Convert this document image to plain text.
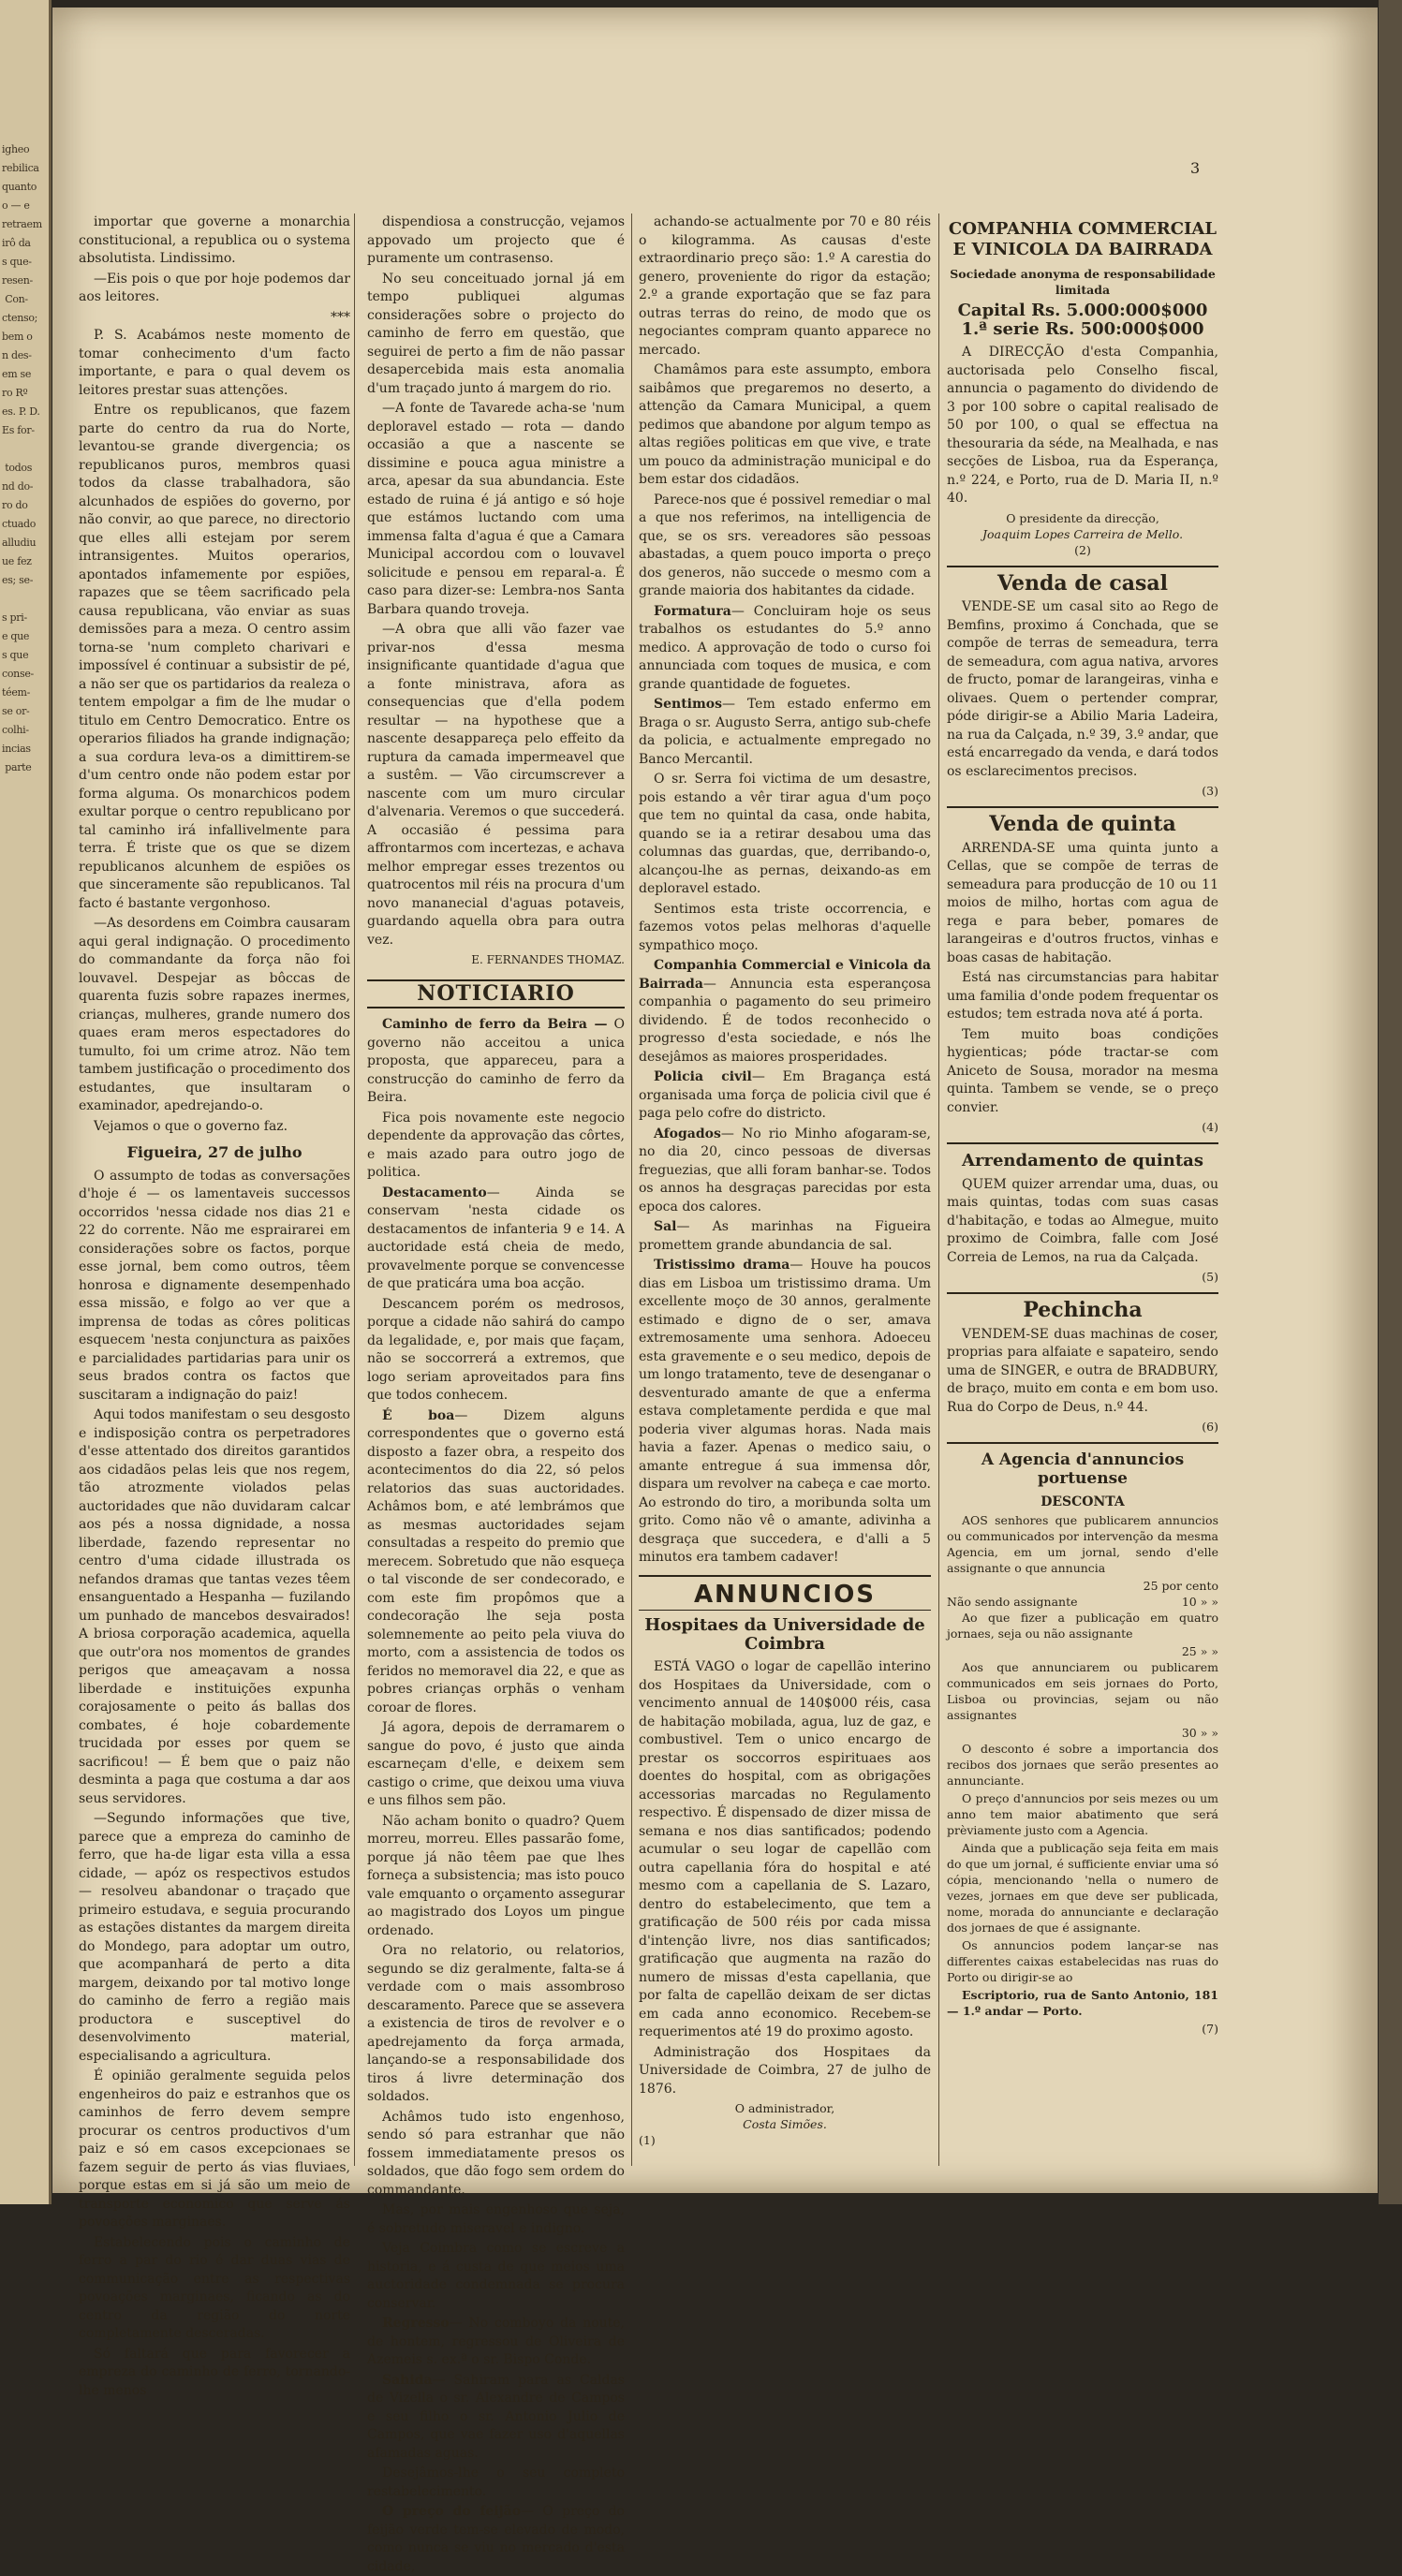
igheo
rebilica
quanto
o — e
retraem
irô da
s que-
resen-
Con-
ctenso;
bem o
n des-
em se
ro Rº
es. P. D.
Es for-

todos
nd do-
ro do
ctuado
alludiu
ue fez
es; se-

s pri-
e que
s que
conse-
téem-
se or-
colhi-
incias
parte
3

importar que governe a monarchia constitucional, a republica ou o systema absolutista. Lindissimo.

—Eis pois o que por hoje podemos dar aos leitores.

***

P. S. Acabámos neste momento de tomar conhecimento d'um facto importante, e para o qual devem os leitores prestar suas attenções.

Entre os republicanos, que fazem parte do centro da rua do Norte, levantou-se grande divergencia; os republicanos puros, membros quasi todos da classe trabalhadora, são alcunhados de espiões do governo, por não convir, ao que parece, no directorio que elles alli estejam por serem intransigentes. Muitos operarios, apontados infamemente por espiões, rapazes que se têem sacrificado pela causa republicana, vão enviar as suas demissões para a meza. O centro assim torna-se 'num completo charivari e impossível é continuar a subsistir de pé, a não ser que os partidarios da realeza o tentem empolgar a fim de lhe mudar o titulo em Centro Democratico. Entre os operarios filiados ha grande indignação; a sua cordura leva-os a dimittirem-se d'um centro onde não podem estar por forma alguma. Os monarchicos podem exultar porque o centro republicano por tal caminho irá infallivelmente para terra. É triste que os que se dizem republicanos alcunhem de espiões os que sinceramente são republicanos. Tal facto é bastante vergonhoso.

—As desordens em Coimbra causaram aqui geral indignação. O procedimento do commandante da força não foi louvavel. Despejar as bôccas de quarenta fuzis sobre rapazes inermes, crianças, mulheres, grande numero dos quaes eram meros espectadores do tumulto, foi um crime atroz. Não tem tambem justificação o procedimento dos estudantes, que insultaram o examinador, apedrejando-o.

Vejamos o que o governo faz.

Figueira, 27 de julho

O assumpto de todas as conversações d'hoje é — os lamentaveis successos occorridos 'nessa cidade nos dias 21 e 22 do corrente. Não me esprairarei em considerações sobre os factos, porque esse jornal, bem como outros, têem honrosa e dignamente desempenhado essa missão, e folgo ao ver que a imprensa de todas as côres politicas esquecem 'nesta conjunctura as paixões e parcialidades partidarias para unir os seus brados contra os factos que suscitaram a indignação do paiz!

Aqui todos manifestam o seu desgosto e indisposição contra os perpetradores d'esse attentado dos direitos garantidos aos cidadãos pelas leis que nos regem, tão atrozmente violados pelas auctoridades que não duvidaram calcar aos pés a nossa dignidade, a nossa liberdade, fazendo representar no centro d'uma cidade illustrada os nefandos dramas que tantas vezes têem ensanguentado a Hespanha — fuzilando um punhado de mancebos desvairados! A briosa corporação academica, aquella que outr'ora nos momentos de grandes perigos que ameaçavam a nossa liberdade e instituições expunha corajosamente o peito ás ballas dos combates, é hoje cobardemente trucidada por esses por quem se sacrificou! — É bem que o paiz não desminta a paga que costuma a dar aos seus servidores.

—Segundo informações que tive, parece que a empreza do caminho de ferro, que ha-de ligar esta villa a essa cidade, — apóz os respectivos estudos — resolveu abandonar o traçado que primeiro estudava, e seguia procurando as estações distantes da margem direita do Mondego, para adoptar um outro, que acompanhará de perto a dita margem, deixando por tal motivo longe do caminho de ferro a região mais productora e susceptivel do desenvolvimento material, especialisando a agricultura.

É opinião geralmente seguida pelos engenheiros do paiz e estranhos que os caminhos de ferro devem sempre procurar os centros productivos d'um paiz e só em casos excepcionaes se fazem seguir de perto ás vias fluviaes, porque estas em si já são um meio de transporte economico que serve ás povoações marginaes.

Estabelecendo pois o caminho de ferro a par do rio é dar duas vias de communicação entre as respectivas povoações marginaes, ficando as do centro da região do norte completamente desceradas.

Só faltará que para favorecer a empreza do caminho de ferro, tornando-lhe menos

dispendiosa a construcção, vejamos appovado um projecto que é puramente um contrasenso.

No seu conceituado jornal já em tempo publiquei algumas considerações sobre o projecto do caminho de ferro em questão, que seguirei de perto a fim de não passar desapercebida mais esta anomalia d'um traçado junto á margem do rio.

—A fonte de Tavarede acha-se 'num deploravel estado — rota — dando occasião a que a nascente se dissimine e pouca agua ministre a arca, apesar da sua abundancia. Este estado de ruina é já antigo e só hoje que estámos luctando com uma immensa falta d'agua é que a Camara Municipal accordou com o louvavel solicitude e pensou em reparal-a. É caso para dizer-se: Lembra-nos Santa Barbara quando troveja.

—A obra que alli vão fazer vae privar-nos d'essa mesma insignificante quantidade d'agua que a fonte ministrava, afora as consequencias que d'ella podem resultar — na hypothese que a nascente desappareça pelo effeito da ruptura da camada impermeavel que a sustêm. — Vão circumscrever a nascente com um muro circular d'alvenaria. Veremos o que succederá. A occasião é pessima para affrontarmos com incertezas, e achava melhor empregar esses trezentos ou quatrocentos mil réis na procura d'um novo mananecial d'aguas potaveis, guardando aquella obra para outra vez.

E. FERNANDES THOMAZ.
NOTICIARIO

Caminho de ferro da Beira — O governo não acceitou a unica proposta, que appareceu, para a construcção do caminho de ferro da Beira.

Fica pois novamente este negocio dependente da approvação das côrtes, e mais azado para outro jogo de politica.

Destacamento— Ainda se conservam 'nesta cidade os destacamentos de infanteria 9 e 14. A auctoridade está cheia de medo, provavelmente porque se convencesse de que praticára uma boa acção.

Descancem porém os medrosos, porque a cidade não sahirá do campo da legalidade, e, por mais que façam, não se soccorrerá a extremos, que logo seriam aproveitados para fins que todos conhecem.

É boa— Dizem alguns correspondentes que o governo está disposto a fazer obra, a respeito dos acontecimentos do dia 22, só pelos relatorios das suas auctoridades. Achâmos bom, e até lembrámos que as mesmas auctoridades sejam consultadas a respeito do premio que merecem. Sobretudo que não esqueça o tal visconde de ser condecorado, e com este fim propômos que a condecoração lhe seja posta solemnemente ao peito pela viuva do morto, com a assistencia de todos os feridos no memoravel dia 22, e que as pobres crianças orphãs o venham coroar de flores.

Já agora, depois de derramarem o sangue do povo, é justo que ainda escarneçam d'elle, e deixem sem castigo o crime, que deixou uma viuva e uns filhos sem pão.

Não acham bonito o quadro? Quem morreu, morreu. Elles passarão fome, porque já não têem pae que lhes forneça a subsistencia; mas isto pouco vale emquanto o orçamento assegurar ao magistrado dos Loyos um pingue ordenado.

Ora no relatorio, ou relatorios, segundo se diz geralmente, falta-se á verdade com o mais assombroso descaramento. Parece que se assevera a existencia de tiros de revolver e o apedrejamento da força armada, lançando-se a responsabilidade dos tiros á livre determinação dos soldados.

Achâmos tudo isto engenhoso, sendo só para estranhar que não fossem immediatamente presos os soldados, que dão fogo sem ordem do commandante.

Mas, por mais engenhoso que seja, é sobretudo miseravel e indigno.

Veja Coimbra como se escreve a historia, e á custa de que meios uma auctoridade condemnada se procura conservar.

Regresso— No comboyo da noute, de hontem, regressou de Oliveira de Azemeis s. ex.ª o sr. Bispo Conde.

Sahida— Sahiram para as Caldas de Vizella o sr. Alexandre de Campos e seu filho o sr. Antonio Julio de Campos, que vae fazer uso d'aquellas afamadas aguas.

Desejâmos-lhe o seu completo restabelecimento.

O preço do feijão— O preço do feijão verde tem-se elevado de modo, como nunca se viu no mercado d'esta cidade,

achando-se actualmente por 70 e 80 réis o kilogramma. As causas d'este extraordinario preço são: 1.º A carestia do genero, proveniente do rigor da estação; 2.º a grande exportação que se faz para outras terras do reino, de modo que os negociantes compram quanto apparece no mercado.

Chamâmos para este assumpto, embora saibâmos que pregaremos no deserto, a attenção da Camara Municipal, a quem pedimos que abandone por algum tempo as altas regiões politicas em que vive, e trate um pouco da administração municipal e do bem estar dos cidadãos.

Parece-nos que é possivel remediar o mal a que nos referimos, na intelligencia de que, se os srs. vereadores são pessoas abastadas, a quem pouco importa o preço dos generos, não succede o mesmo com a grande maioria dos habitantes da cidade.

Formatura— Concluiram hoje os seus trabalhos os estudantes do 5.º anno medico. A approvação de todo o curso foi annunciada com toques de musica, e com grande quantidade de foguetes.

Sentimos— Tem estado enfermo em Braga o sr. Augusto Serra, antigo sub-chefe da policia, e actualmente empregado no Banco Mercantil.

O sr. Serra foi victima de um desastre, pois estando a vêr tirar agua d'um poço que tem no quintal da casa, onde habita, quando se ia a retirar desabou uma das columnas das guardas, que, derribando-o, alcançou-lhe as pernas, deixando-as em deploravel estado.

Sentimos esta triste occorrencia, e fazemos votos pelas melhoras d'aquelle sympathico moço.

Companhia Commercial e Vinicola da Bairrada— Annuncia esta esperançosa companhia o pagamento do seu primeiro dividendo. É de todos reconhecido o progresso d'esta sociedade, e nós lhe desejâmos as maiores prosperidades.

Policia civil— Em Bragança está organisada uma força de policia civil que é paga pelo cofre do districto.

Afogados— No rio Minho afogaram-se, no dia 20, cinco pessoas de diversas freguezias, que alli foram banhar-se. Todos os annos ha desgraças parecidas por esta epoca dos calores.

Sal— As marinhas na Figueira promettem grande abundancia de sal.

Tristissimo drama— Houve ha poucos dias em Lisboa um tristissimo drama. Um excellente moço de 30 annos, geralmente estimado e digno de o ser, amava extremosamente uma senhora. Adoeceu esta gravemente e o seu medico, depois de um longo tratamento, teve de desenganar o desventurado amante de que a enferma estava completamente perdida e que mal poderia viver algumas horas. Nada mais havia a fazer. Apenas o medico saiu, o amante entregue á sua immensa dôr, dispara um revolver na cabeça e cae morto. Ao estrondo do tiro, a moribunda solta um grito. Como não vê o amante, adivinha a desgraça que succedera, e d'alli a 5 minutos era tambem cadaver!

ANNUNCIOS
Hospitaes da Universidade de Coimbra

ESTÁ VAGO o logar de capellão interino dos Hospitaes da Universidade, com o vencimento annual de 140$000 réis, casa de habitação mobilada, agua, luz de gaz, e combustivel. Tem o unico encargo de prestar os soccorros espirituaes aos doentes do hospital, com as obrigações accessorias marcadas no Regulamento respectivo. É dispensado de dizer missa de semana e nos dias santificados; podendo acumular o seu logar de capellão com outra capellania fóra do hospital e até mesmo com a capellania de S. Lazaro, dentro do estabelecimento, que tem a gratificação de 500 réis por cada missa d'intenção livre, nos dias santificados; gratificação que augmenta na razão do numero de missas d'esta capellania, que por falta de capellão deixam de ser dictas em cada anno economico. Recebem-se requerimentos até 19 do proximo agosto.

Administração dos Hospitaes da Universidade de Coimbra, 27 de julho de 1876.

O administrador,
Costa Simões.
(1)
COMPANHIA COMMERCIAL E VINICOLA DA BAIRRADA
Sociedade anonyma de responsabilidade limitada
Capital Rs. 5.000:000$000
1.ª serie Rs. 500:000$000

A DIRECÇÃO d'esta Companhia, auctorisada pelo Conselho fiscal, annuncia o pagamento do dividendo de 3 por 100 sobre o capital realisado de 50 por 100, o qual se effectua na thesouraria da séde, na Mealhada, e nas secções de Lisboa, rua da Esperança, n.º 224, e Porto, rua de D. Maria II, n.º 40.

O presidente da direcção,
Joaquim Lopes Carreira de Mello.
(2)
Venda de casal

VENDE-SE um casal sito ao Rego de Bemfins, proximo á Conchada, que se compõe de terras de semeadura, terra de semeadura, com agua nativa, arvores de fructo, pomar de larangeiras, vinha e olivaes. Quem o pertender comprar, póde dirigir-se a Abilio Maria Ladeira, na rua da Calçada, n.º 39, 3.º andar, que está encarregado da venda, e dará todos os esclarecimentos precisos.

(3)
Venda de quinta

ARRENDA-SE uma quinta junto a Cellas, que se compõe de terras de semeadura para producção de 10 ou 11 moios de milho, hortas com agua de rega e para beber, pomares de larangeiras e d'outros fructos, vinhas e boas casas de habitação.

Está nas circumstancias para habitar uma familia d'onde podem frequentar os estudos; tem estrada nova até á porta.

Tem muito boas condições hygienticas; póde tractar-se com Aniceto de Sousa, morador na mesma quinta. Tambem se vende, se o preço convier.

(4)
Arrendamento de quintas

QUEM quizer arrendar uma, duas, ou mais quintas, todas com suas casas d'habitação, e todas ao Almegue, muito proximo de Coimbra, falle com José Correia de Lemos, na rua da Calçada.

(5)
Pechincha

VENDEM-SE duas machinas de coser, proprias para alfaiate e sapateiro, sendo uma de SINGER, e outra de BRADBURY, de braço, muito em conta e em bom uso. Rua do Corpo de Deus, n.º 44.

(6)
A Agencia d'annuncios portuense
DESCONTA

AOS senhores que publicarem annuncios ou communicados por intervenção da mesma Agencia, em um jornal, sendo d'elle assignante o que annuncia

25 por cento
Não sendo assignante	10 » »

Ao que fizer a publicação em quatro jornaes, seja ou não assignante

25 » »

Aos que annunciarem ou publicarem communicados em seis jornaes do Porto, Lisboa ou provincias, sejam ou não assignantes

30 » »

O desconto é sobre a importancia dos recibos dos jornaes que serão presentes ao annunciante.

O preço d'annuncios por seis mezes ou um anno tem maior abatimento que será prèviamente justo com a Agencia.

Ainda que a publicação seja feita em mais do que um jornal, é sufficiente enviar uma só cópia, mencionando 'nella o numero de vezes, jornaes em que deve ser publicada, nome, morada do annunciante e declaração dos jornaes de que é assignante.

Os annuncios podem lançar-se nas differentes caixas estabelecidas nas ruas do Porto ou dirigir-se ao

Escriptorio, rua de Santo Antonio, 181 — 1.º andar — Porto.

(7)
